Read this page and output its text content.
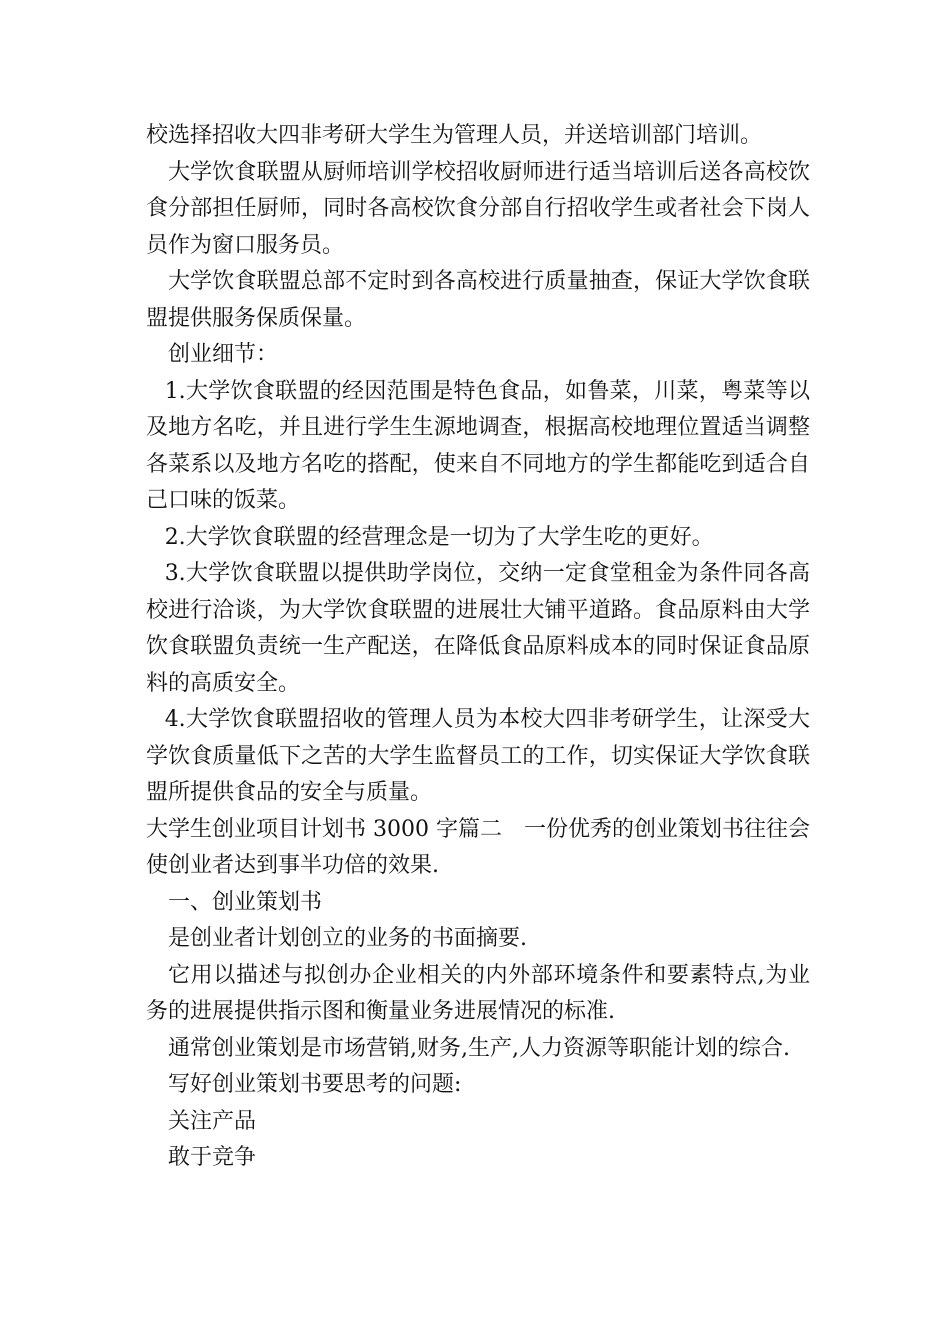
校选择招收大四非考研大学生为管理人员，并送培训部门培训。

大学饮食联盟从厨师培训学校招收厨师进行适当培训后送各高校饮食分部担任厨师，同时各高校饮食分部自行招收学生或者社会下岗人员作为窗口服务员。

大学饮食联盟总部不定时到各高校进行质量抽查，保证大学饮食联盟提供服务保质保量。

创业细节：

1.大学饮食联盟的经因范围是特色食品，如鲁菜，川菜，粤菜等以及地方名吃，并且进行学生生源地调查，根据高校地理位置适当调整各菜系以及地方名吃的搭配，使来自不同地方的学生都能吃到适合自己口味的饭菜。

2.大学饮食联盟的经营理念是一切为了大学生吃的更好。

3.大学饮食联盟以提供助学岗位，交纳一定食堂租金为条件同各高校进行洽谈，为大学饮食联盟的进展壮大铺平道路。食品原料由大学饮食联盟负责统一生产配送，在降低食品原料成本的同时保证食品原料的高质安全。

4.大学饮食联盟招收的管理人员为本校大四非考研学生，让深受大学饮食质量低下之苦的大学生监督员工的工作，切实保证大学饮食联盟所提供食品的安全与质量。

大学生创业项目计划书 3000 字篇二　一份优秀的创业策划书往往会使创业者达到事半功倍的效果.

一、创业策划书

是创业者计划创立的业务的书面摘要.

它用以描述与拟创办企业相关的内外部环境条件和要素特点,为业务的进展提供指示图和衡量业务进展情况的标准.

通常创业策划是市场营销,财务,生产,人力资源等职能计划的综合.

写好创业策划书要思考的问题:

关注产品

敢于竞争
